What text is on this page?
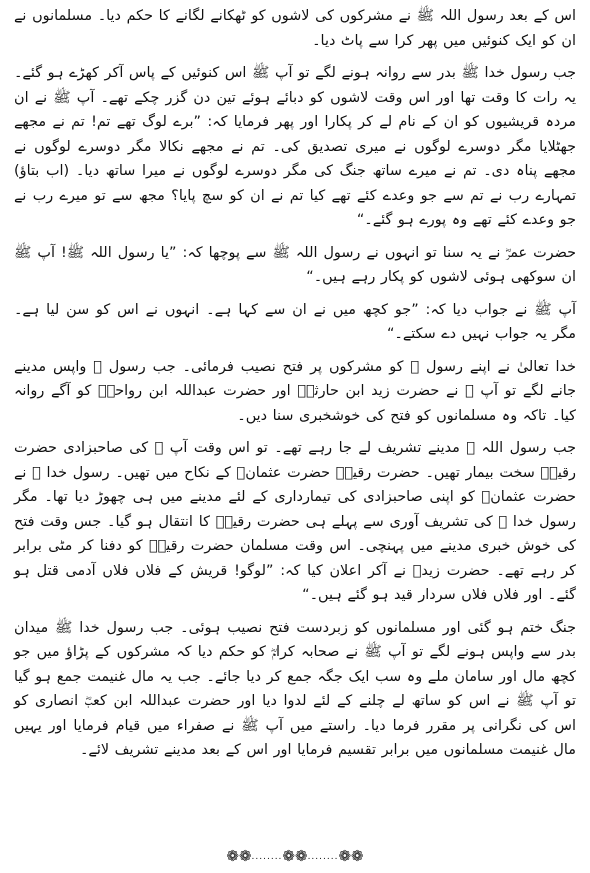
اس کے بعد رسول اللہ ﷺ نے مشرکوں کی لاشوں کو ٹھکانے لگانے کا حکم دیا۔ مسلمانوں نے ان کو ایک کنوئیں میں پھر کرا سے پاٹ دیا۔

جب رسول خدا ﷺ بدر سے روانہ ہونے لگے تو آپ ﷺ اس کنوئیں کے پاس آکر کھڑے ہو گئے۔ یہ رات کا وقت تھا اور اس وقت لاشوں کو دبائے ہوئے تین دن گزر چکے تھے۔ آپ ﷺ نے ان مردہ قریشیوں کو ان کے نام لے کر پکارا اور پھر فرمایا کہ: ”برے لوگ تھے تم! تم نے مجھے جھٹلایا مگر دوسرے لوگوں نے میری تصدیق کی۔ تم نے مجھے نکالا مگر دوسرے لوگوں نے مجھے پناہ دی۔ تم نے میرے ساتھ جنگ کی مگر دوسرے لوگوں نے میرا ساتھ دیا۔ (اب بتاؤ) تمہارے رب نے تم سے جو وعدے کئے تھے کیا تم نے ان کو سچ پایا؟ مجھ سے تو میرے رب نے جو وعدے کئے تھے وہ پورے ہو گئے۔“

حضرت عمرؓ نے یہ سنا تو انہوں نے رسول اللہ ﷺ سے پوچھا کہ: ”یا رسول اللہ ﷺ! آپ ﷺ ان سوکھی ہوئی لاشوں کو پکار رہے ہیں۔“

آپ ﷺ نے جواب دیا کہ: ”جو کچھ میں نے ان سے کہا ہے۔ انہوں نے اس کو سن لیا ہے۔ مگر یہ جواب نہیں دے سکتے۔“

خدا تعالیٰ نے اپنے رسول ﷺ کو مشرکوں پر فتح نصیب فرمائی۔ جب رسول ﷺ واپس مدینے جانے لگے تو آپ ﷺ نے حضرت زید ابن حارثہؓ اور حضرت عبداللہ ابن رواحہؓ کو آگے روانہ کیا۔ تاکہ وہ مسلمانوں کو فتح کی خوشخبری سنا دیں۔

جب رسول اللہ ﷺ مدینے تشریف لے جا رہے تھے۔ تو اس وقت آپ ﷺ کی صاحبزادی حضرت رقیہؓ سخت بیمار تھیں۔ حضرت رقیہؓ حضرت عثمانؓ کے نکاح میں تھیں۔ رسول خدا ﷺ نے حضرت عثمانؓ کو اپنی صاحبزادی کی تیمارداری کے لئے مدینے میں ہی چھوڑ دیا تھا۔ مگر رسول خدا ﷺ کی تشریف آوری سے پہلے ہی حضرت رقیہؓ کا انتقال ہو گیا۔ جس وقت فتح کی خوش خبری مدینے میں پہنچی۔ اس وقت مسلمان حضرت رقیہؓ کو دفنا کر مٹی برابر کر رہے تھے۔ حضرت زیدؓ نے آکر اعلان کیا کہ: ”لوگو! قریش کے فلاں فلاں آدمی قتل ہو گئے۔ اور فلاں فلاں سردار قید ہو گئے ہیں۔“

جنگ ختم ہو گئی اور مسلمانوں کو زبردست فتح نصیب ہوئی۔ جب رسول خدا ﷺ میدان بدر سے واپس ہونے لگے تو آپ ﷺ نے صحابہ کرامؓ کو حکم دیا کہ مشرکوں کے پڑاؤ میں جو کچھ مال اور سامان ملے وہ سب ایک جگہ جمع کر دیا جائے۔ جب یہ مال غنیمت جمع ہو گیا تو آپ ﷺ نے اس کو ساتھ لے چلنے کے لئے لدوا دیا اور حضرت عبداللہ ابن کعبؓ انصاری کو اس کی نگرانی پر مقرر فرما دیا۔ راستے میں آپ ﷺ نے صفراء میں قیام فرمایا اور یہیں مال غنیمت مسلمانوں میں برابر تقسیم فرمایا اور اس کے بعد مدینے تشریف لائے۔

❁❁........❁❁........❁❁
